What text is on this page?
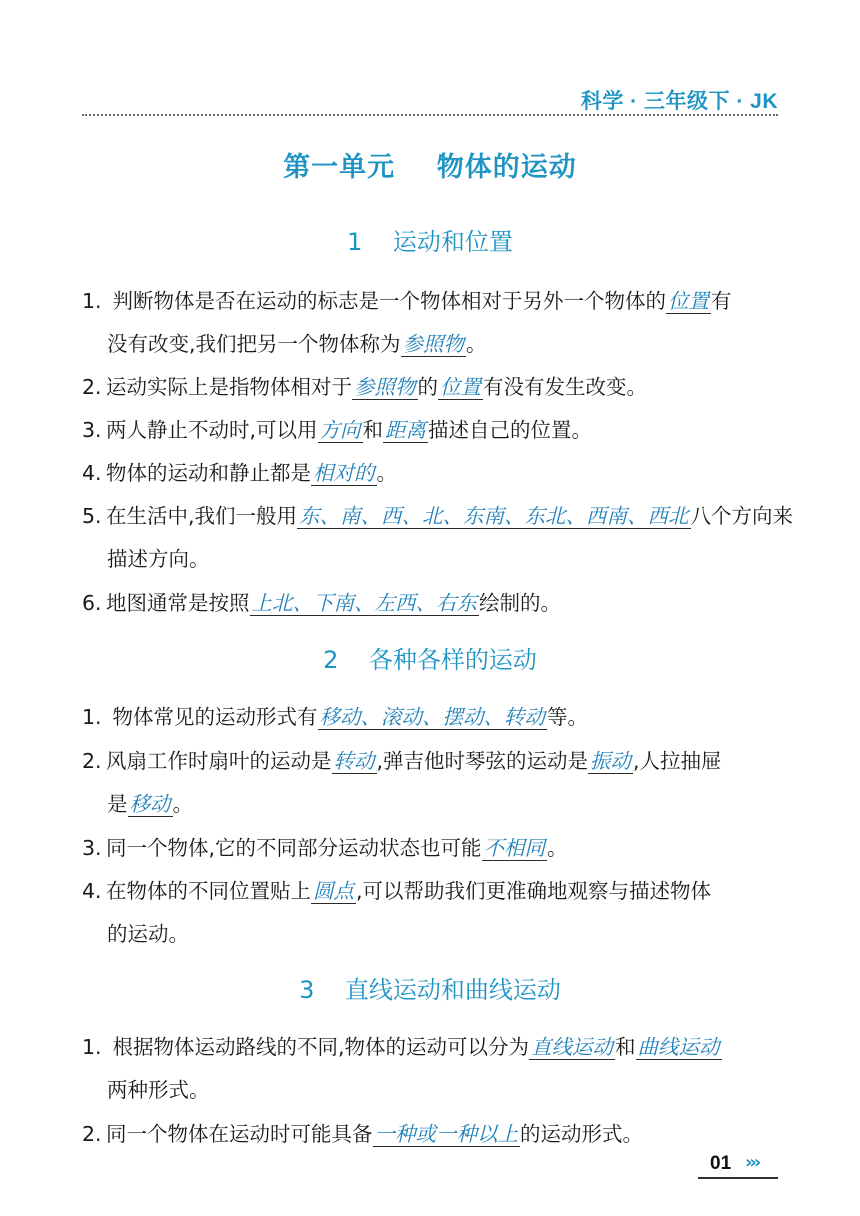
科学 · 三年级下 · JK
第一单元    物体的运动
1    运动和位置
1. 判断物体是否在运动的标志是一个物体相对于另外一个物体的位置有
没有改变,我们把另一个物体称为参照物。
2. 运动实际上是指物体相对于参照物的位置有没有发生改变。
3. 两人静止不动时,可以用方向和距离描述自己的位置。
4. 物体的运动和静止都是相对的。
5. 在生活中,我们一般用东、南、西、北、东南、东北、西南、西北八个方向来
描述方向。
6. 地图通常是按照上北、下南、左西、右东绘制的。
2    各种各样的运动
1. 物体常见的运动形式有移动、滚动、摆动、转动等。
2. 风扇工作时扇叶的运动是转动,弹吉他时琴弦的运动是振动,人拉抽屉
是移动。
3. 同一个物体,它的不同部分运动状态也可能不相同。
4. 在物体的不同位置贴上圆点,可以帮助我们更准确地观察与描述物体
的运动。
3    直线运动和曲线运动
1. 根据物体运动路线的不同,物体的运动可以分为直线运动和曲线运动
两种形式。
2. 同一个物体在运动时可能具备一种或一种以上的运动形式。
01 ›››
